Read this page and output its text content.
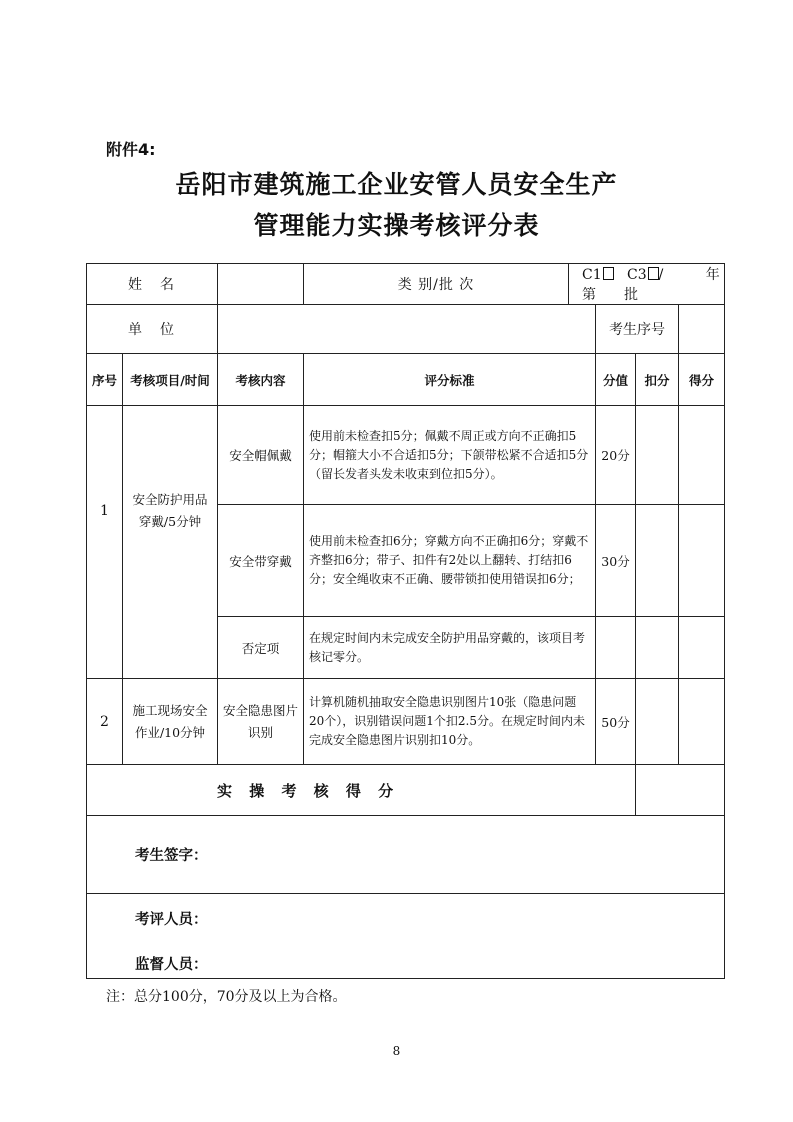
附件4:
岳阳市建筑施工企业安管人员安全生产
管理能力实操考核评分表
姓　名			类 别/批 次	C1 C3 / 年第　　批			
单　位					考生序号		
序号	考核项目/时间	考核内容	评分标准		分值	扣分	得分
1	安全防护用品穿戴/5分钟	安全帽佩戴	使用前未检查扣5分；佩戴不周正或方向不正确扣5分；帽箍大小不合适扣5分；下颌带松紧不合适扣5分（留长发者头发未收束到位扣5分）。		20分		
		安全带穿戴	使用前未检查扣6分；穿戴方向不正确扣6分；穿戴不齐整扣6分；带子、扣件有2处以上翻转、打结扣6分；安全绳收束不正确、腰带锁扣使用错误扣6分；		30分		
		否定项	在规定时间内未完成安全防护用品穿戴的，该项目考核记零分。				
2	施工现场安全作业/10分钟	安全隐患图片识别	计算机随机抽取安全隐患识别图片10张（隐患问题20个），识别错误问题1个扣2.5分。在规定时间内未完成安全隐患图片识别扣10分。		50分		
实 操 考 核 得 分							
考生签字：							

考评人员：
监督人员：							
注：总分100分，70分及以上为合格。
8
